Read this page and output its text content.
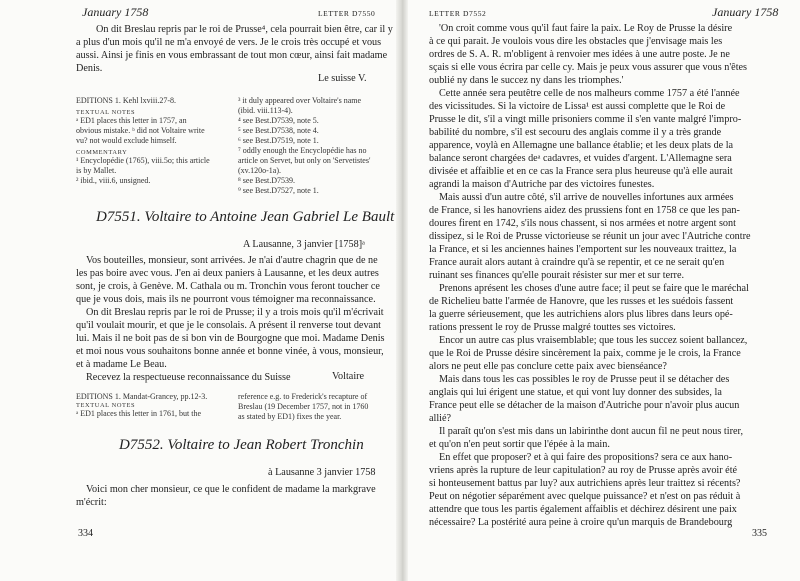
January 1758	LETTER D7550
On dit Breslau repris par le roi de Prusse⁴, cela pourrait bien être, car il y
a plus d'un mois qu'il ne m'a envoyé de vers. Je le crois très occupé et vous
aussi. Ainsi je finis en vous embrassant de tout mon cœur, ainsi fait madame
Denis.
Le suisse V.
EDITIONS 1. Kehl lxviii.27-8.
TEXTUAL NOTES
ᵃ ED1 places this letter in 1757, an
obvious mistake. ᵇ did not Voltaire write
vu? not would exclude himself.
COMMENTARY
¹ Encyclopédie (1765), viii.5o; this article
is by Mallet.
² ibid., viii.6, unsigned.
³ it duly appeared over Voltaire's name
(ibid. viii.113-4).
⁴ see Best.D7539, note 5.
⁵ see Best.D7538, note 4.
⁶ see Best.D7519, note 1.
⁷ oddly enough the Encyclopédie has no
article on Servet, but only on 'Servetistes'
(xv.120o-1a).
⁸ see Best.D7539.
⁹ see Best.D7527, note 1.
D7551. Voltaire to Antoine Jean Gabriel Le Bault
A Lausanne, 3 janvier [1758]ᵃ
Vos bouteilles, monsieur, sont arrivées. Je n'ai d'autre chagrin que de ne
les pas boire avec vous. J'en ai deux paniers à Lausanne, et les deux autres
sont, je crois, à Genève. M. Cathala ou m. Tronchin vous feront toucher ce
que je vous dois, mais ils ne pourront vous témoigner ma reconnaissance.
On dit Breslau repris par le roi de Prusse; il y a trois mois qu'il m'écrivait
qu'il voulait mourir, et que je le consolais. A présent il renverse tout devant
lui. Mais il ne boit pas de si bon vin de Bourgogne que moi. Madame Denis
et moi nous vous souhaitons bonne année et bonne vinée, à vous, monsieur,
et à madame Le Beau.
Recevez la respectueuse reconnaissance du Suisse	Voltaire
EDITIONS 1. Mandat-Grancey, pp.12-3.
TEXTUAL NOTES
ᵃ ED1 places this letter in 1761, but the
reference e.g. to Frederick's recapture of
Breslau (19 December 1757, not in 1760
as stated by ED1) fixes the year.
D7552. Voltaire to Jean Robert Tronchin
à Lausanne 3 janvier 1758
Voici mon cher monsieur, ce que le confident de madame la markgrave
m'écrit:
334
LETTER D7552	January 1758
'On croit comme vous qu'il faut faire la paix. Le Roy de Prusse la désire
à ce qui parait. Je voulois vous dire les obstacles que j'envisage mais les
ordres de S. A. R. m'obligent à renvoier mes idées à une autre poste. Je ne
sçais si elle vous écrira par celle cy. Mais je peux vous assurer que vous n'êtes
oublié ny dans le succez ny dans les triomphes.'
Cette année sera peutêtre celle de nos malheurs comme 1757 a été l'année
des vicissitudes. Si la victoire de Lissa¹ est aussi complette que le Roi de
Prusse le dit, s'il a vingt mille prisoniers comme il s'en vante malgré l'impro-
babilité du nombre, s'il est secouru des anglais comme il y a très grande
apparence, voylà en Allemagne une ballance établie; et les deux plats de la
balance seront chargées deᵃ cadavres, et vuides d'argent. L'Allemagne sera
divisée et affaiblie et en ce cas la France sera plus heureuse qu'à elle aurait
agrandi la maison d'Autriche par des victoires funestes.
Mais aussi d'un autre côté, s'il arrive de nouvelles infortunes aux armées
de France, si les hanovriens aidez des prussiens font en 1758 ce que les pan-
doures firent en 1742, s'ils nous chassent, si nos armées et notre argent sont
dissipez, si le Roi de Prusse victorieuse se réunit un jour avec l'Autriche contre
la France, et si les anciennes haines l'emportent sur les nouveaux traittez, la
France aurait alors autant à craindre qu'à se repentir, et ce ne serait qu'en
ruinant ses finances qu'elle pourait résister sur mer et sur terre.
Prenons aprésent les choses d'une autre face; il peut se faire que le maréchal
de Richelieu batte l'armée de Hanovre, que les russes et les suédois fassent
la guerre sérieusement, que les autrichiens alors plus libres dans leurs opé-
rations pressent le roy de Prusse malgré touttes ses victoires.
Encor un autre cas plus vraisemblable; que tous les succez soient ballancez,
que le Roi de Prusse désire sincèrement la paix, comme je le crois, la France
alors ne peut elle pas conclure cette paix avec bienséance?
Mais dans tous les cas possibles le roy de Prusse peut il se détacher des
anglais qui lui érigent une statue, et qui vont luy donner des subsides, la
France peut elle se détacher de la maison d'Autriche pour n'avoir plus aucun
allié?
Il paraît qu'on s'est mis dans un labirinthe dont aucun fil ne peut nous tirer,
et qu'on n'en peut sortir que l'épée à la main.
En effet que proposer? et à qui faire des propositions? sera ce aux hano-
vriens après la rupture de leur capitulation? au roy de Prusse après avoir été
si honteusement battus par luy? aux autrichiens après leur traittez si récents?
Peut on négotier séparément avec quelque puissance? et n'est on pas réduit à
attendre que tous les partis également affaiblis et déchirez désirent une paix
nécessaire? La postérité aura peine à croire qu'un marquis de Brandebourg
335
